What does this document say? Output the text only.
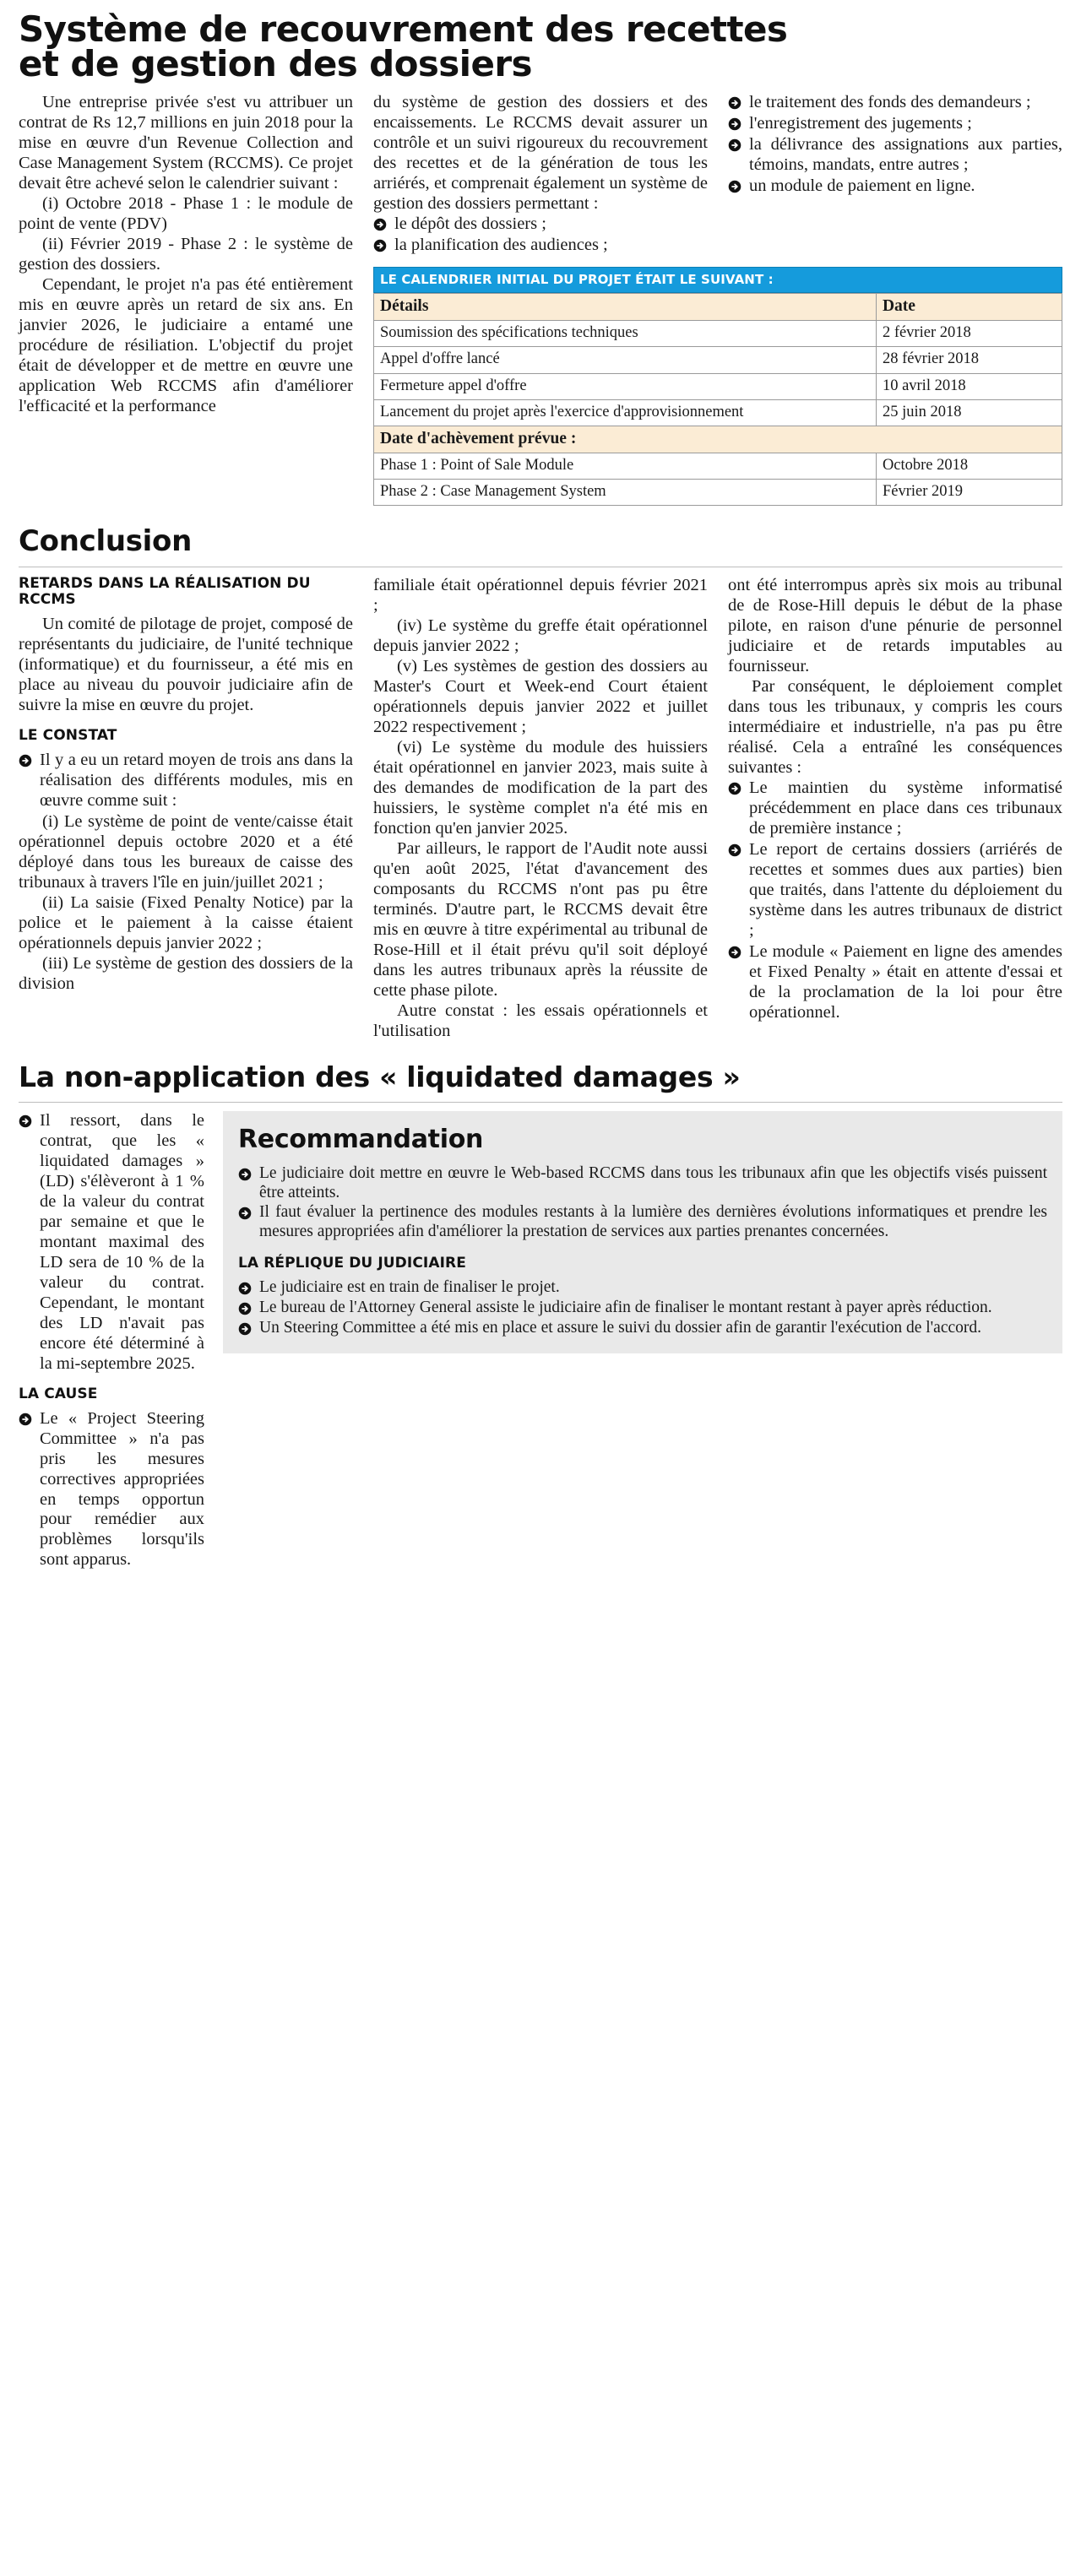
Système de recouvrement des recettes
et de gestion des dossiers

Une entreprise privée s'est vu attribuer un contrat de Rs 12,7 millions en juin 2018 pour la mise en œuvre d'un Revenue Collection and Case Management System (RCCMS). Ce projet devait être achevé selon le calendrier suivant :

(i) Octobre 2018 - Phase 1 : le module de point de vente (PDV)

(ii) Février 2019 - Phase 2 : le système de gestion des dossiers.

Cependant, le projet n'a pas été entièrement mis en œuvre après un retard de six ans. En janvier 2026, le judiciaire a entamé une procédure de résiliation. L'objectif du projet était de développer et de mettre en œuvre une application Web RCCMS afin d'améliorer l'efficacité et la performance

du système de gestion des dossiers et des encaissements. Le RCCMS devait assurer un contrôle et un suivi rigoureux du recouvrement des recettes et de la génération de tous les arriérés, et comprenait également un système de gestion des dossiers permettant :

le dépôt des dossiers ;
la planification des audiences ;
LE CALENDRIER INITIAL DU PROJET ÉTAIT LE SUIVANT :
Détails	Date
Soumission des spécifications techniques	2 février 2018
Appel d'offre lancé	28 février 2018
Fermeture appel d'offre	10 avril 2018
Lancement du projet après l'exercice d'approvisionnement	25 juin 2018
Date d'achèvement prévue :	
Phase 1 : Point of Sale Module	Octobre 2018
Phase 2 : Case Management System	Février 2019
le traitement des fonds des demandeurs ;
l'enregistrement des jugements ;
la délivrance des assignations aux parties, témoins, mandats, entre autres ;
un module de paiement en ligne.
Conclusion
RETARDS DANS LA RÉALISATION DU RCCMS

Un comité de pilotage de projet, composé de représentants du judiciaire, de l'unité technique (informatique) et du fournisseur, a été mis en place au niveau du pouvoir judiciaire afin de suivre la mise en œuvre du projet.

LE CONSTAT
Il y a eu un retard moyen de trois ans dans la réalisation des différents modules, mis en œuvre comme suit :

(i) Le système de point de vente/caisse était opérationnel depuis octobre 2020 et a été déployé dans tous les bureaux de caisse des tribunaux à travers l'île en juin/juillet 2021 ;

(ii) La saisie (Fixed Penalty Notice) par la police et le paiement à la caisse étaient opérationnels depuis janvier 2022 ;

(iii) Le système de gestion des dossiers de la division

familiale était opérationnel depuis février 2021 ;

(iv) Le système du greffe était opérationnel depuis janvier 2022 ;

(v) Les systèmes de gestion des dossiers au Master's Court et Week-end Court étaient opérationnels depuis janvier 2022 et juillet 2022 respectivement ;

(vi) Le système du module des huissiers était opérationnel en janvier 2023, mais suite à des demandes de modification de la part des huissiers, le système complet n'a été mis en fonction qu'en janvier 2025.

Par ailleurs, le rapport de l'Audit note aussi qu'en août 2025, l'état d'avancement des composants du RCCMS n'ont pas pu être terminés. D'autre part, le RCCMS devait être mis en œuvre à titre expérimental au tribunal de Rose-Hill et il était prévu qu'il soit déployé dans les autres tribunaux après la réussite de cette phase pilote.

Autre constat : les essais opérationnels et l'utilisation

ont été interrompus après six mois au tribunal de de Rose-Hill depuis le début de la phase pilote, en raison d'une pénurie de personnel judiciaire et de retards imputables au fournisseur.

Par conséquent, le déploiement complet dans tous les tribunaux, y compris les cours intermédiaire et industrielle, n'a pas pu être réalisé. Cela a entraîné les conséquences suivantes :

Le maintien du système informatisé précédemment en place dans ces tribunaux de première instance ;
Le report de certains dossiers (arriérés de recettes et sommes dues aux parties) bien que traités, dans l'attente du déploiement du système dans les autres tribunaux de district ;
Le module « Paiement en ligne des amendes et Fixed Penalty » était en attente d'essai et de la proclamation de la loi pour être opérationnel.
La non-application des « liquidated damages »
Il ressort, dans le contrat, que les « liquidated damages » (LD) s'élèveront à 1 % de la valeur du contrat par semaine et que le montant maximal des LD sera de 10 % de la valeur du contrat. Cependant, le montant des LD n'avait pas encore été déterminé à la mi-septembre 2025.
LA CAUSE
Le « Project Steering Committee » n'a pas pris les mesures correctives appropriées en temps opportun pour remédier aux problèmes lorsqu'ils sont apparus.
Recommandation
Le judiciaire doit mettre en œuvre le Web-based RCCMS dans tous les tribunaux afin que les objectifs visés puissent être atteints.
Il faut évaluer la pertinence des modules restants à la lumière des dernières évolutions informatiques et prendre les mesures appropriées afin d'améliorer la prestation de services aux parties prenantes concernées.
LA RÉPLIQUE DU JUDICIAIRE
Le judiciaire est en train de finaliser le projet.
Le bureau de l'Attorney General assiste le judiciaire afin de finaliser le montant restant à payer après réduction.
Un Steering Committee a été mis en place et assure le suivi du dossier afin de garantir l'exécution de l'accord.
